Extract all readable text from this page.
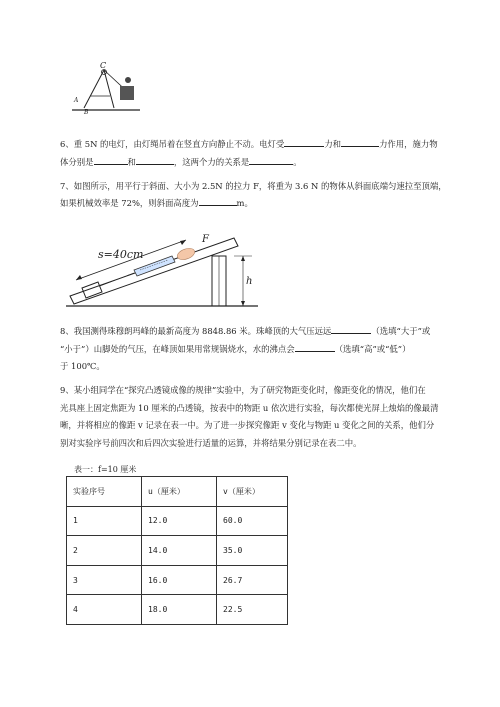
C
A
B
6、重 5N 的电灯，由灯绳吊着在竖直方向静止不动。电灯受	力和	力作用，施力物
体分别是	和	，这两个力的关系是	。
7、如图所示，用平行于斜面、大小为 2.5N 的拉力 F，将重为 3.6 N 的物体从斜面底端匀速拉至顶端，
如果机械效率是 72%，则斜面高度为	m。
s=40cm
F
h
8、我国测得珠穆朗玛峰的最新高度为 8848.86 米。珠峰顶的大气压远远	（选填“大于”或
“小于”）山脚处的气压，在峰顶如果用常规锅烧水，水的沸点会	（选填“高”或“低”）
于 100℃。
9、某小组同学在“探究凸透镜成像的规律”实验中，为了研究物距变化时，像距变化的情况，他们在
光具座上固定焦距为 10 厘米的凸透镜，按表中的物距 u 依次进行实验，每次都使光屏上烛焰的像最清
晰，并将相应的像距 v 记录在表一中。为了进一步探究像距 v 变化与物距 u 变化之间的关系，他们分
别对实验序号前四次和后四次实验进行适量的运算，并将结果分别记录在表二中。
表一：f=10 厘米
实验序号	u（厘米）	v（厘米）
1	12.0	60.0
2	14.0	35.0
3	16.0	26.7
4	18.0	22.5
